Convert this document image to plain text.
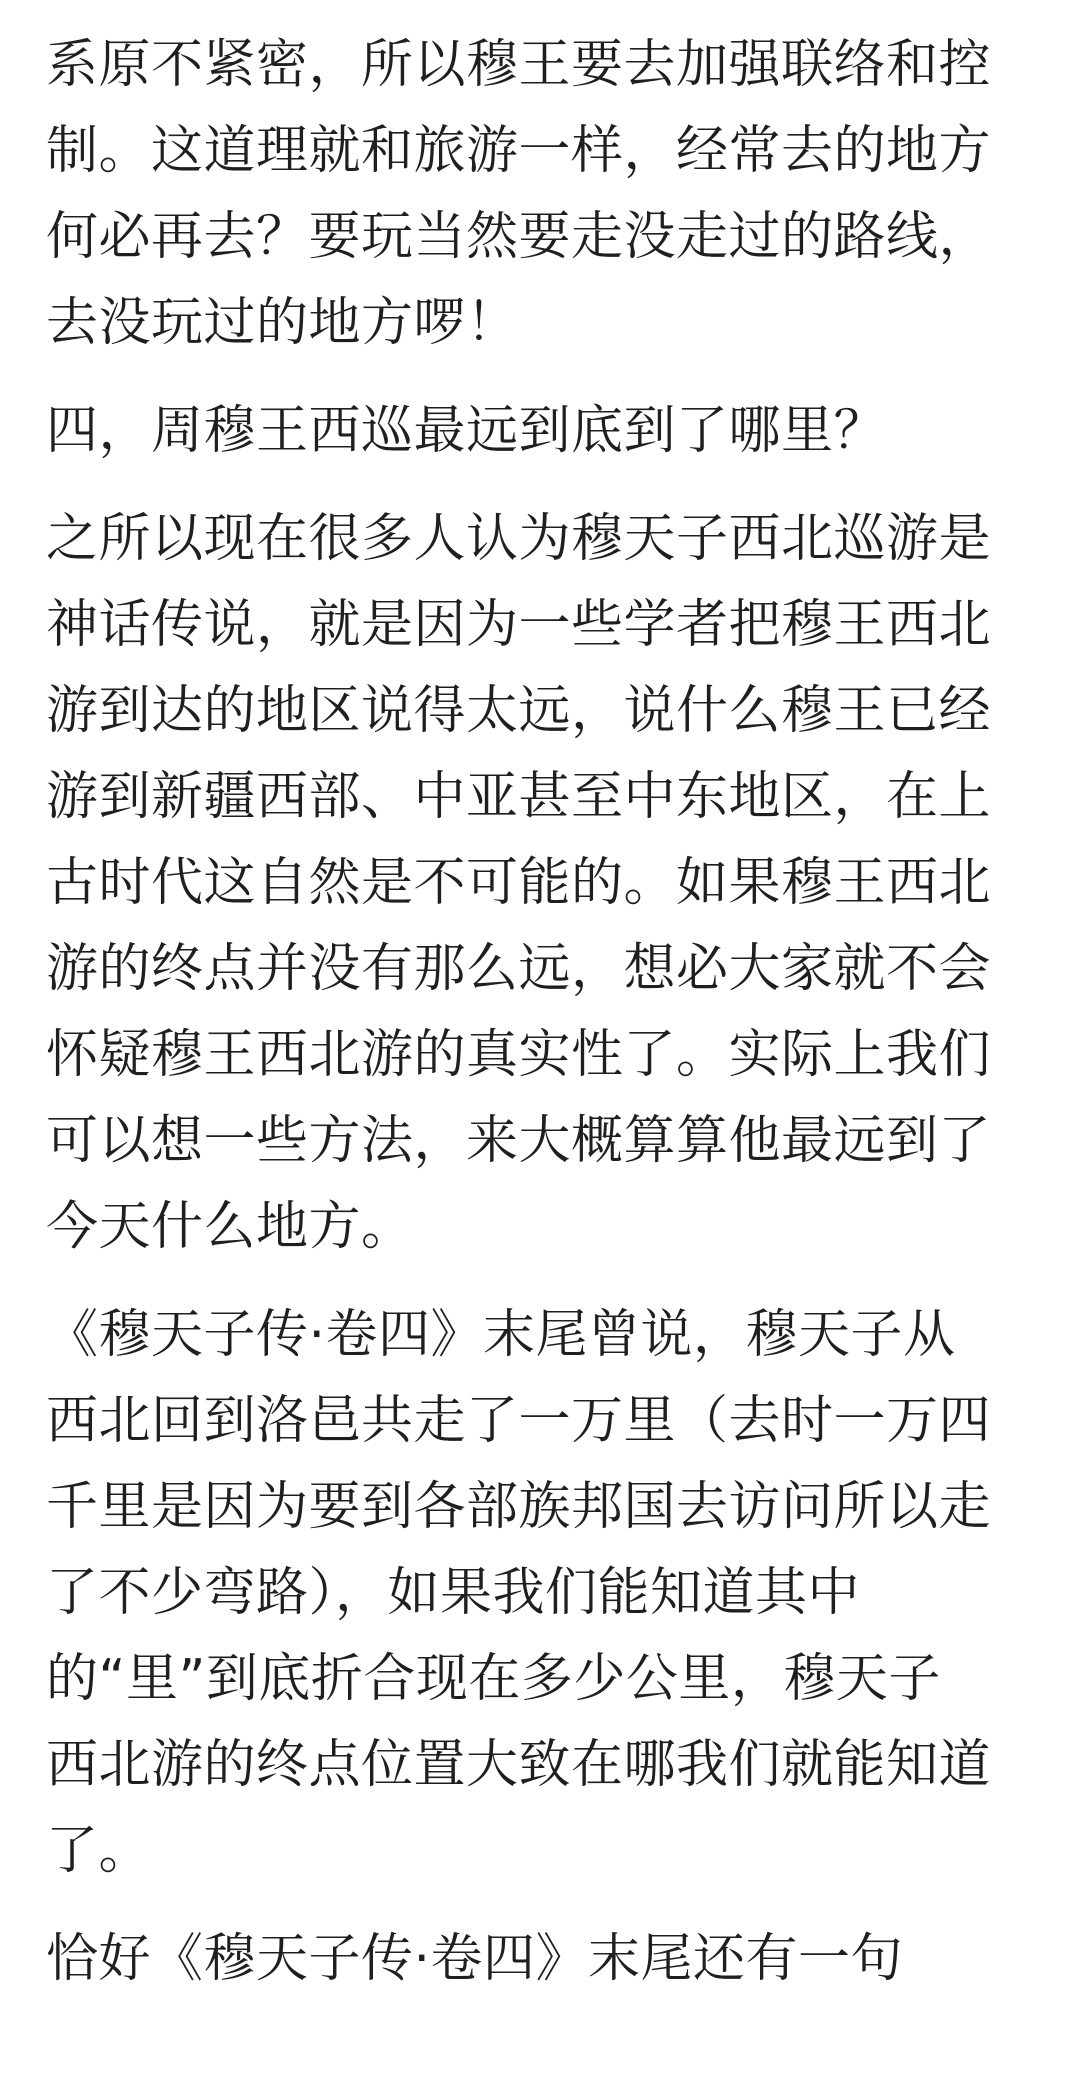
系原不紧密，所以穆王要去加强联络和控
制。这道理就和旅游一样，经常去的地方
何必再去？要玩当然要走没走过的路线，
去没玩过的地方啰！

四，周穆王西巡最远到底到了哪里？

之所以现在很多人认为穆天子西北巡游是
神话传说，就是因为一些学者把穆王西北
游到达的地区说得太远，说什么穆王已经
游到新疆西部、中亚甚至中东地区，在上
古时代这自然是不可能的。如果穆王西北
游的终点并没有那么远，想必大家就不会
怀疑穆王西北游的真实性了。实际上我们
可以想一些方法，来大概算算他最远到了
今天什么地方。

《穆天子传·卷四》末尾曾说，穆天子从
西北回到洛邑共走了一万里（去时一万四
千里是因为要到各部族邦国去访问所以走
了不少弯路），如果我们能知道其中
的“里”到底折合现在多少公里，穆天子
西北游的终点位置大致在哪我们就能知道
了。

恰好《穆天子传·卷四》末尾还有一句
